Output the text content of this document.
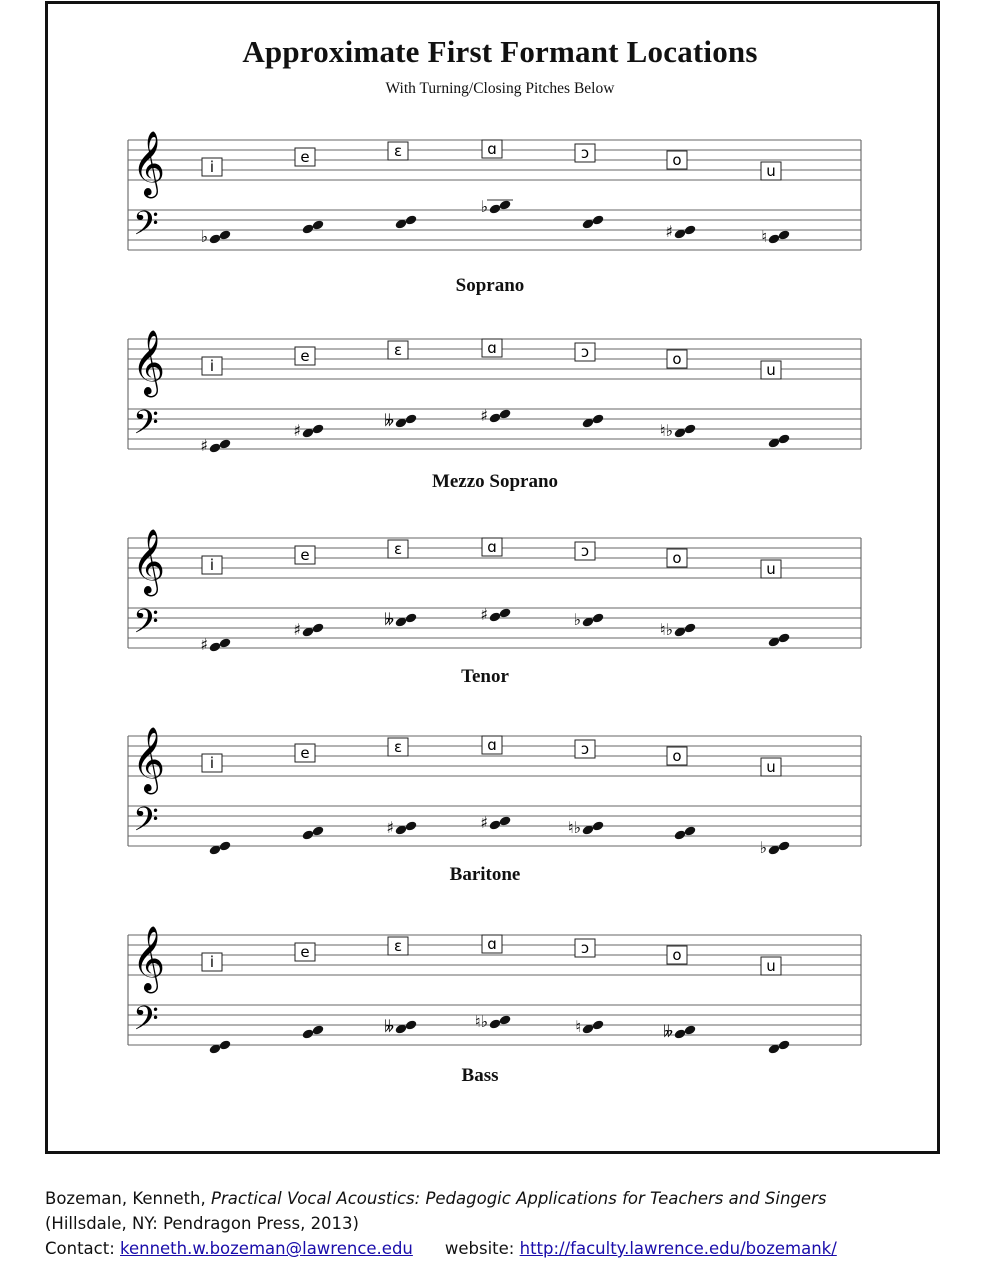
Approximate First Formant Locations
With Turning/Closing Pitches Below
𝄞
𝄢
i
e	ɛ	ɑ	ɔ	o
u
♭
♭
♯	♮
Soprano
𝄞
𝄢
i
e	ɛ	ɑ	ɔ	o
u
♯
♯
𝄫	♯
♮♭
Mezzo Soprano
𝄞
𝄢
i
e	ɛ	ɑ	ɔ	o
u
♯
♯
𝄫	♯	♭
♮♭
Tenor
𝄞
𝄢
i
e	ɛ	ɑ	ɔ	o
u
♯	♯	♮♭
♭
Baritone
𝄞
𝄢
i
e	ɛ	ɑ	ɔ	o
u
𝄫	♮♭	♮	𝄫
Bass
Bozeman, Kenneth, Practical Vocal Acoustics: Pedagogic Applications for Teachers and Singers
(Hillsdale, NY: Pendragon Press, 2013)
Contact: kenneth.w.bozeman@lawrence.edu website: http://faculty.lawrence.edu/bozemank/
